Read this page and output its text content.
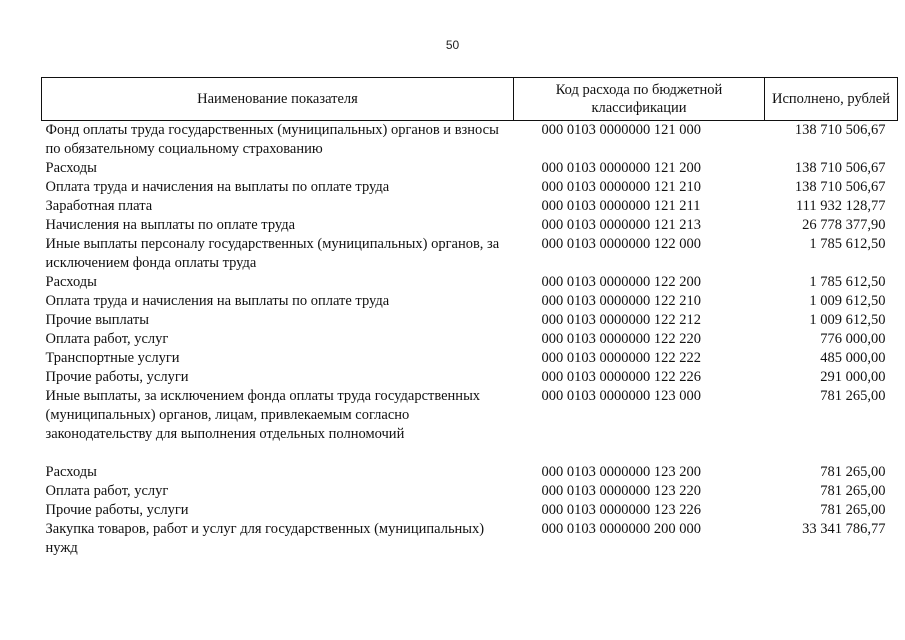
50
Наименование показателя	Код расхода по бюджетной классификации	Исполнено, рублей
Фонд оплаты труда государственных (муниципальных) органов и взносы по обязательному социальному страхованию	000 0103 0000000 121 000	138 710 506,67
Расходы	000 0103 0000000 121 200	138 710 506,67
Оплата труда и начисления на выплаты по оплате труда	000 0103 0000000 121 210	138 710 506,67
Заработная плата	000 0103 0000000 121 211	111 932 128,77
Начисления на выплаты по оплате труда	000 0103 0000000 121 213	26 778 377,90
Иные выплаты персоналу государственных (муниципальных) органов, за исключением фонда оплаты труда	000 0103 0000000 122 000	1 785 612,50
Расходы	000 0103 0000000 122 200	1 785 612,50
Оплата труда и начисления на выплаты по оплате труда	000 0103 0000000 122 210	1 009 612,50
Прочие выплаты	000 0103 0000000 122 212	1 009 612,50
Оплата работ, услуг	000 0103 0000000 122 220	776 000,00
Транспортные услуги	000 0103 0000000 122 222	485 000,00
Прочие работы, услуги	000 0103 0000000 122 226	291 000,00
Иные выплаты, за исключением фонда оплаты труда государственных (муниципальных) органов, лицам, привлекаемым согласно законодательству для выполнения отдельных полномочий	000 0103 0000000 123 000	781 265,00
Расходы	000 0103 0000000 123 200	781 265,00
Оплата работ, услуг	000 0103 0000000 123 220	781 265,00
Прочие работы, услуги	000 0103 0000000 123 226	781 265,00
Закупка товаров, работ и услуг для государственных (муниципальных) нужд	000 0103 0000000 200 000	33 341 786,77
